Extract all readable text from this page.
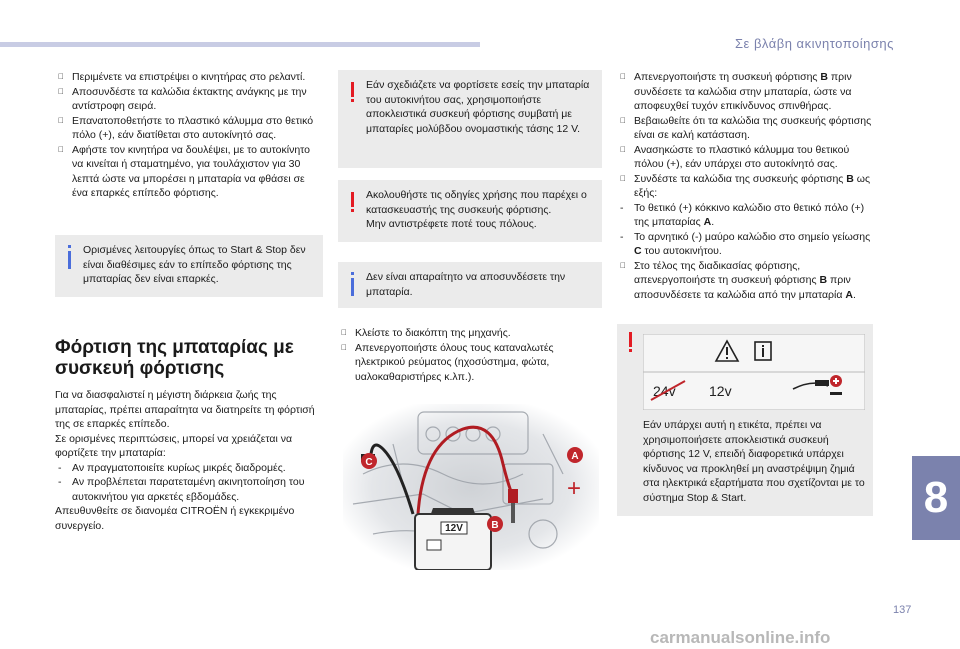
Σε βλάβη ακινητοποίησης

Περιμένετε να επιστρέψει ο κινητήρας στο ρελαντί.

Αποσυνδέστε τα καλώδια έκτακτης ανάγκης με την αντίστροφη σειρά.

Επανατοποθετήστε το πλαστικό κάλυμμα στο θετικό πόλο (+), εάν διατίθεται στο αυτοκίνητό σας.

Αφήστε τον κινητήρα να δουλέψει, με το αυτοκίνητο να κινείται ή σταματημένο, για τουλάχιστον για 30 λεπτά ώστε να μπορέσει η μπαταρία να φθάσει σε ένα επαρκές επίπεδο φόρτισης.

Ορισμένες λειτουργίες όπως το Start & Stop δεν είναι διαθέσιμες εάν το επίπεδο φόρτισης της μπαταρίας δεν είναι επαρκές.
Φόρτιση της μπαταρίας με συσκευή φόρτισης

Για να διασφαλιστεί η μέγιστη διάρκεια ζωής της μπαταρίας, πρέπει απαραίτητα να διατηρείτε τη φόρτισή της σε επαρκές επίπεδο.

Σε ορισμένες περιπτώσεις, μπορεί να χρειάζεται να φορτίζετε την μπαταρία:

- Αν πραγματοποιείτε κυρίως μικρές διαδρομές.
- Αν προβλέπεται παρατεταμένη ακινητοποίηση του αυτοκινήτου για αρκετές εβδομάδες.

Απευθυνθείτε σε διανομέα CITROËN ή εγκεκριμένο συνεργείο.

Εάν σχεδιάζετε να φορτίσετε εσείς την μπαταρία του αυτοκινήτου σας, χρησιμοποιήστε αποκλειστικά συσκευή φόρτισης συμβατή με μπαταρίες μολύβδου ονομαστικής τάσης 12 V.
Ακολουθήστε τις οδηγίες χρήσης που παρέχει ο κατασκευαστής της συσκευής φόρτισης.
Μην αντιστρέφετε ποτέ τους πόλους.
Δεν είναι απαραίτητο να αποσυνδέσετε την μπαταρία.

Κλείστε το διακόπτη της μηχανής.

Απενεργοποιήστε όλους τους καταναλωτές ηλεκτρικού ρεύματος (ηχοσύστημα, φώτα, υαλοκαθαριστήρες κ.λπ.).

12V
+
A
B
C

Απενεργοποιήστε τη συσκευή φόρτισης B πριν συνδέσετε τα καλώδια στην μπαταρία, ώστε να αποφευχθεί τυχόν επικίνδυνος σπινθήρας.

Βεβαιωθείτε ότι τα καλώδια της συσκευής φόρτισης είναι σε καλή κατάσταση.

Ανασηκώστε το πλαστικό κάλυμμα του θετικού πόλου (+), εάν υπάρχει στο αυτοκίνητό σας.

Συνδέστε τα καλώδια της συσκευής φόρτισης B ως εξής:

- Το θετικό (+) κόκκινο καλώδιο στο θετικό πόλο (+) της μπαταρίας A.
- Το αρνητικό (-) μαύρο καλώδιο στο σημείο γείωσης C του αυτοκινήτου.

Στο τέλος της διαδικασίας φόρτισης, απενεργοποιήστε τη συσκευή φόρτισης B πριν αποσυνδέσετε τα καλώδια από την μπαταρία A.

24v 12v
Εάν υπάρχει αυτή η ετικέτα, πρέπει να χρησιμοποιήσετε αποκλειστικά συσκευή φόρτισης 12 V, επειδή διαφορετικά υπάρχει κίνδυνος να προκληθεί μη αναστρέψιμη ζημιά στα ηλεκτρικά εξαρτήματα που σχετίζονται με το σύστημα Stop & Start.	8
137
carmanualsonline.info
